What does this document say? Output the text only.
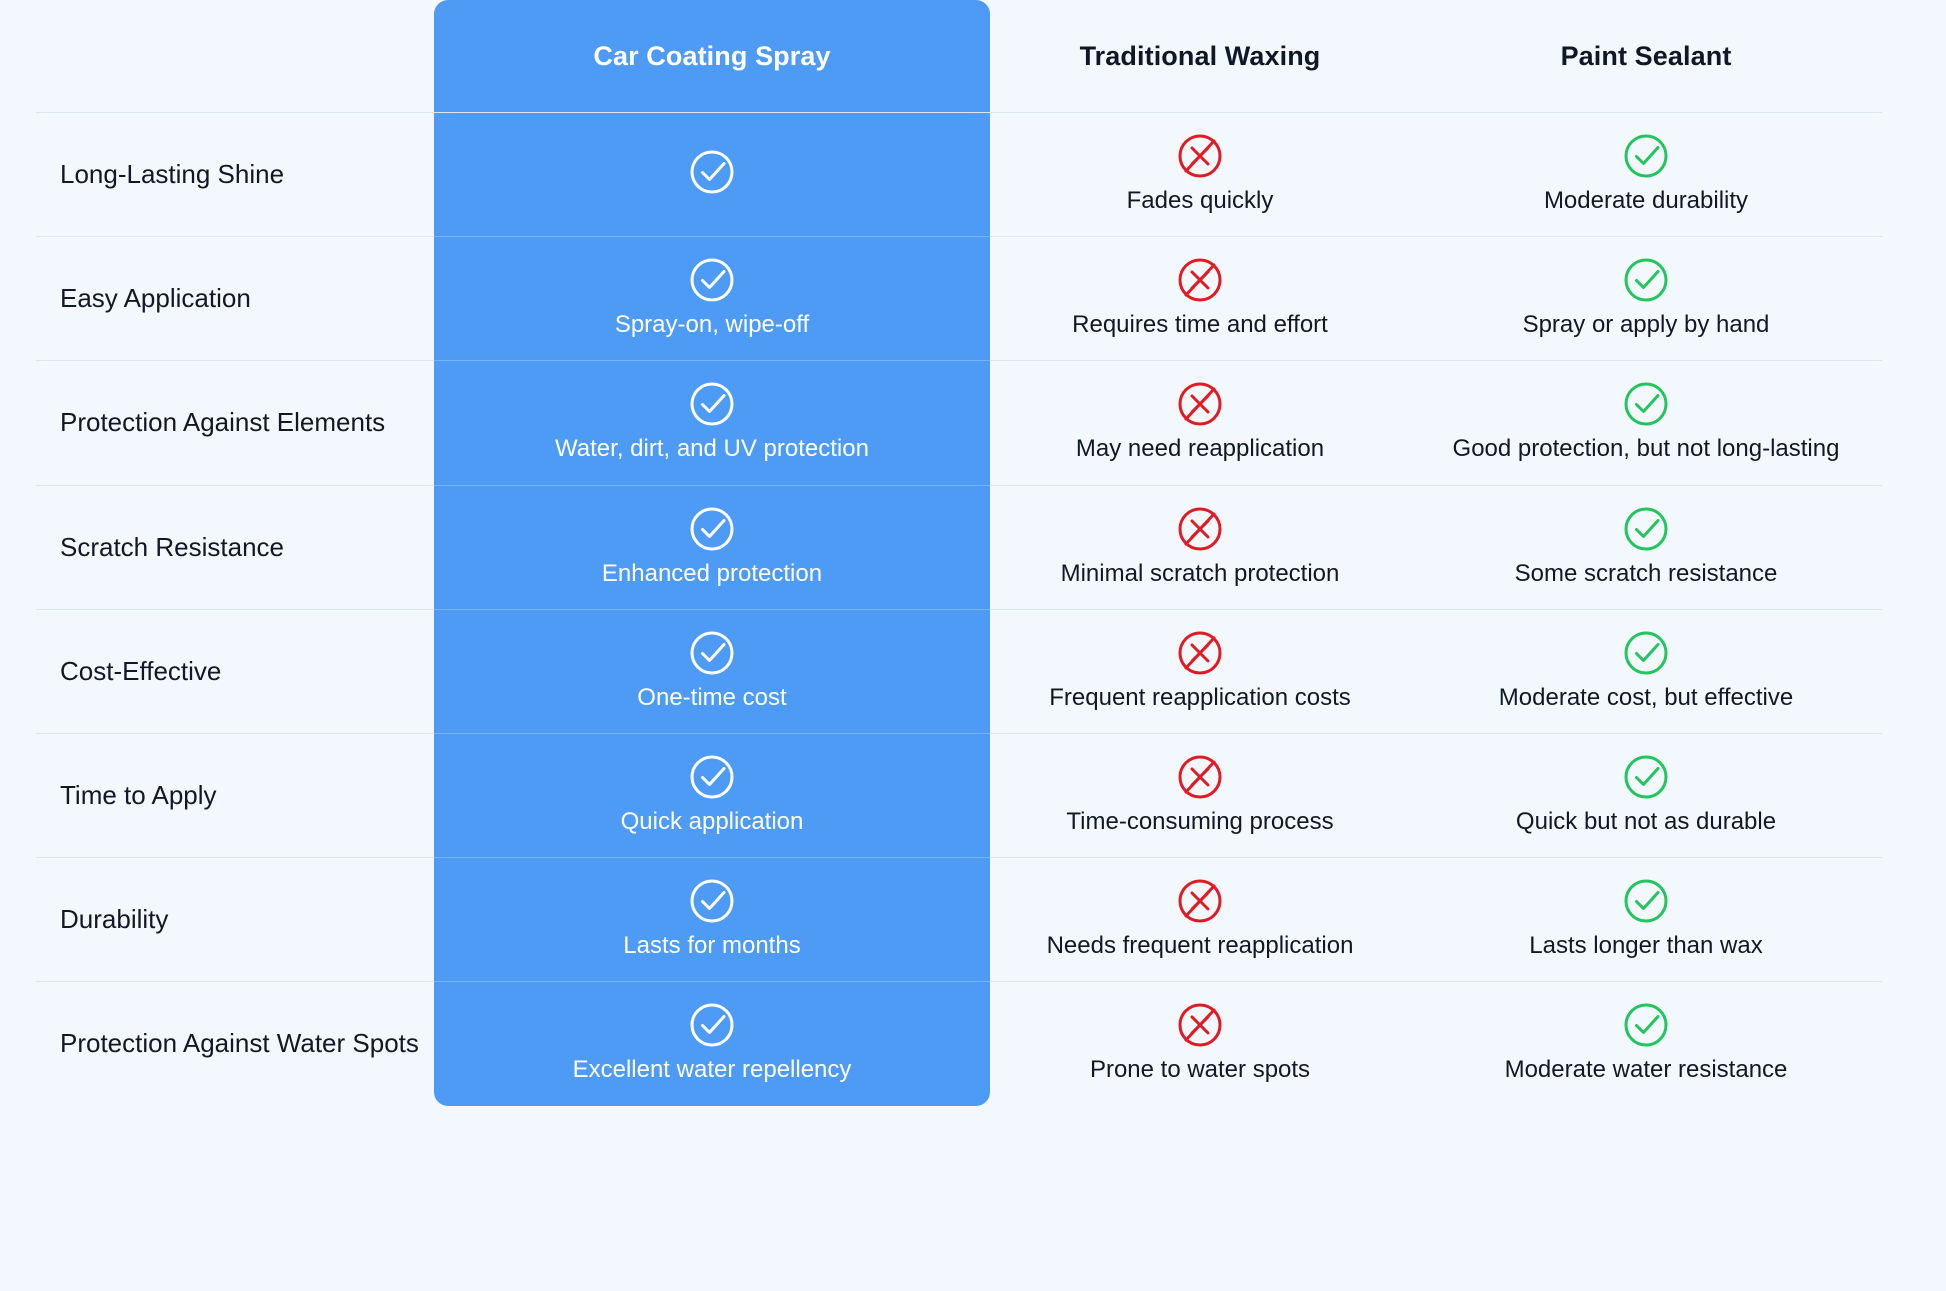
Car Coating Spray	Traditional Waxing	Paint Sealant

Long-Lasting Shine		Fades quickly	Moderate durability

Easy Application	Spray-on, wipe-off	Requires time and effort	Spray or apply by hand

Protection Against Elements	Water, dirt, and UV protection	May need reapplication	Good protection, but not long-lasting

Scratch Resistance	Enhanced protection	Minimal scratch protection	Some scratch resistance

Cost-Effective	One-time cost	Frequent reapplication costs	Moderate cost, but effective

Time to Apply	Quick application	Time-consuming process	Quick but not as durable

Durability	Lasts for months	Needs frequent reapplication	Lasts longer than wax

Protection Against Water Spots	Excellent water repellency	Prone to water spots	Moderate water resistance
